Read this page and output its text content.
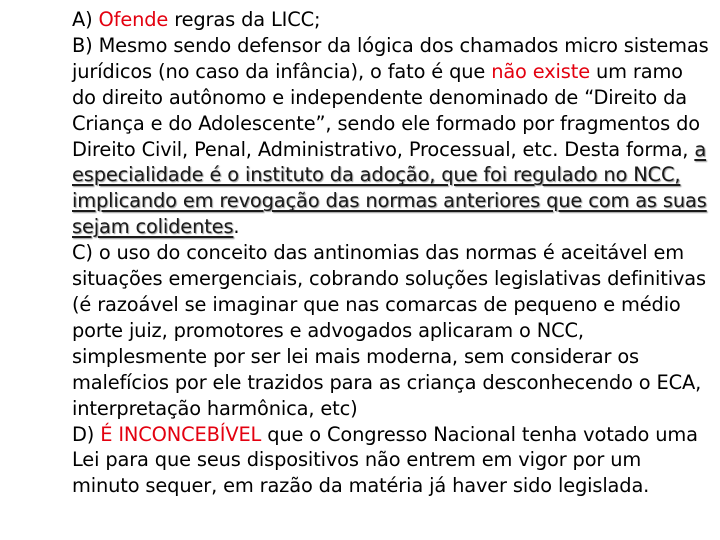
A) Ofende regras da LICC;

B) Mesmo sendo defensor da lógica dos chamados micro sistemas jurídicos (no caso da infância), o fato é que não existe um ramo do direito autônomo e independente denominado de “Direito da Criança e do Adolescente”, sendo ele formado por fragmentos do Direito Civil, Penal, Administrativo, Processual, etc. Desta forma, a especialidade é o instituto da adoção, que foi regulado no NCC, implicando em revogação das normas anteriores que com as suas sejam colidentes.

C) o uso do conceito das antinomias das normas é aceitável em situações emergenciais, cobrando soluções legislativas definitivas (é razoável se imaginar que nas comarcas de pequeno e médio porte juiz, promotores e advogados aplicaram o NCC, simplesmente por ser lei mais moderna, sem considerar os malefícios por ele trazidos para as criança desconhecendo o ECA, interpretação harmônica, etc)

D) É INCONCEBÍVEL que o Congresso Nacional tenha votado uma Lei para que seus dispositivos não entrem em vigor por um minuto sequer, em razão da matéria já haver sido legislada.
